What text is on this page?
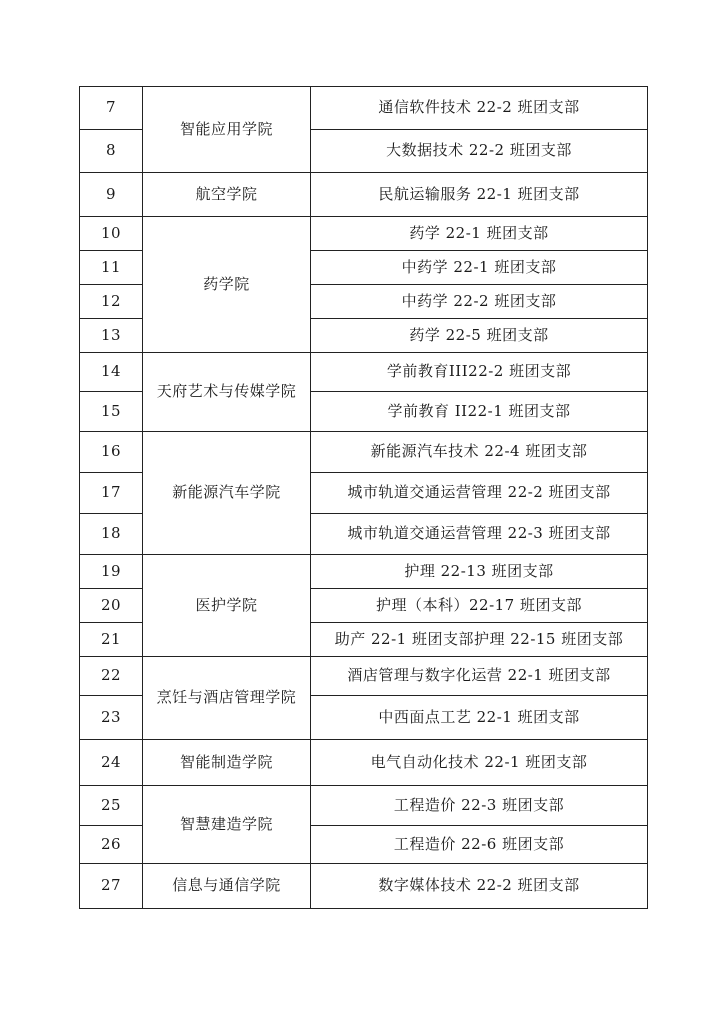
7	智能应用学院	通信软件技术 22-2 班团支部
8		大数据技术 22-2 班团支部
9	航空学院	民航运输服务 22-1 班团支部
10	药学院	药学 22-1 班团支部
11		中药学 22-1 班团支部
12		中药学 22-2 班团支部
13		药学 22-5 班团支部
14	天府艺术与传媒学院	学前教育III22-2 班团支部
15		学前教育 II22-1 班团支部
16	新能源汽车学院	新能源汽车技术 22-4 班团支部
17		城市轨道交通运营管理 22-2 班团支部
18		城市轨道交通运营管理 22-3 班团支部
19	医护学院	护理 22-13 班团支部
20		护理（本科）22-17 班团支部
21		助产 22-1 班团支部护理 22-15 班团支部
22	烹饪与酒店管理学院	酒店管理与数字化运营 22-1 班团支部
23		中西面点工艺 22-1 班团支部
24	智能制造学院	电气自动化技术 22-1 班团支部
25	智慧建造学院	工程造价 22-3 班团支部
26		工程造价 22-6 班团支部
27	信息与通信学院	数字媒体技术 22-2 班团支部
